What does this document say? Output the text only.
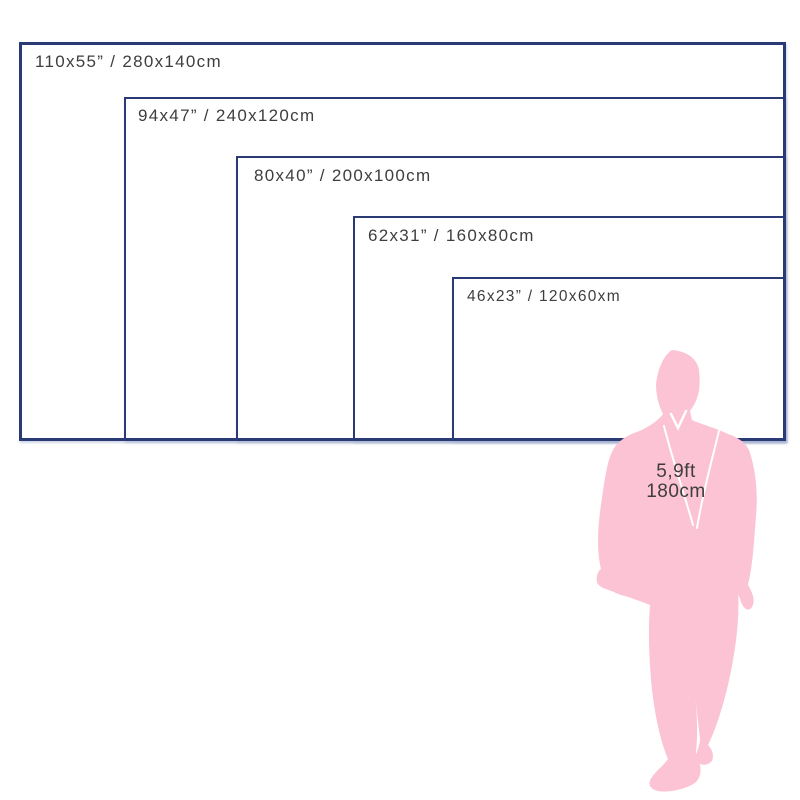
110x55” / 280x140cm
94x47” / 240x120cm
80x40” / 200x100cm
62x31” / 160x80cm
46x23” / 120x60xm
5,9ft
180cm
